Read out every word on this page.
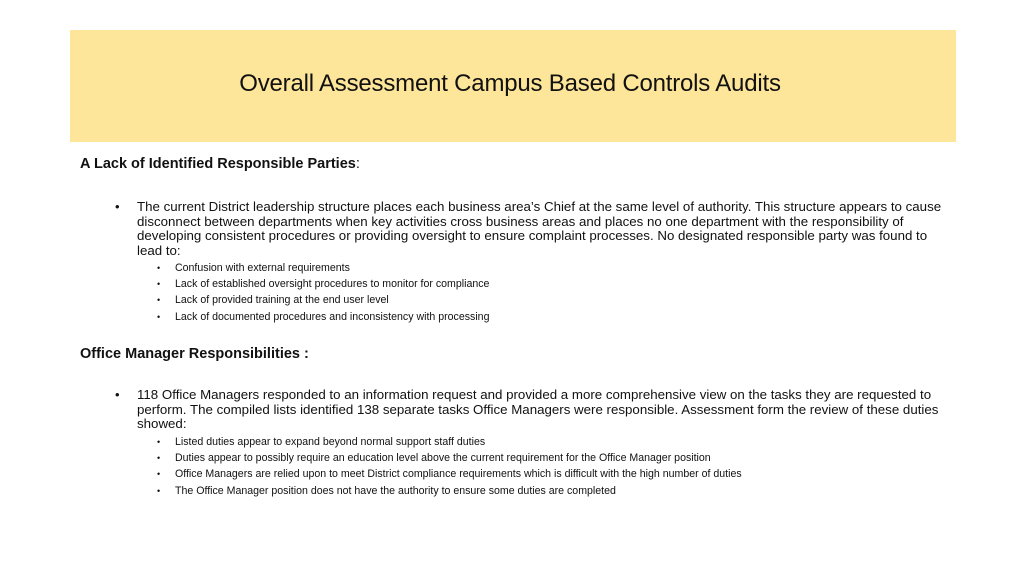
Overall Assessment Campus Based Controls Audits
A Lack of Identified Responsible Parties:
• The current District leadership structure places each business area’s Chief at the same level of authority. This structure appears to cause disconnect between departments when key activities cross business areas and places no one department with the responsibility of developing consistent procedures or providing oversight to ensure complaint processes. No designated responsible party was found to lead to:
• Confusion with external requirements
• Lack of established oversight procedures to monitor for compliance
• Lack of provided training at the end user level
• Lack of documented procedures and inconsistency with processing
Office Manager Responsibilities :
• 118 Office Managers responded to an information request and provided a more comprehensive view on the tasks they are requested to perform. The compiled lists identified 138 separate tasks Office Managers were responsible. Assessment form the review of these duties showed:
• Listed duties appear to expand beyond normal support staff duties
• Duties appear to possibly require an education level above the current requirement for the Office Manager position
• Office Managers are relied upon to meet District compliance requirements which is difficult with the high number of duties
• The Office Manager position does not have the authority to ensure some duties are completed
